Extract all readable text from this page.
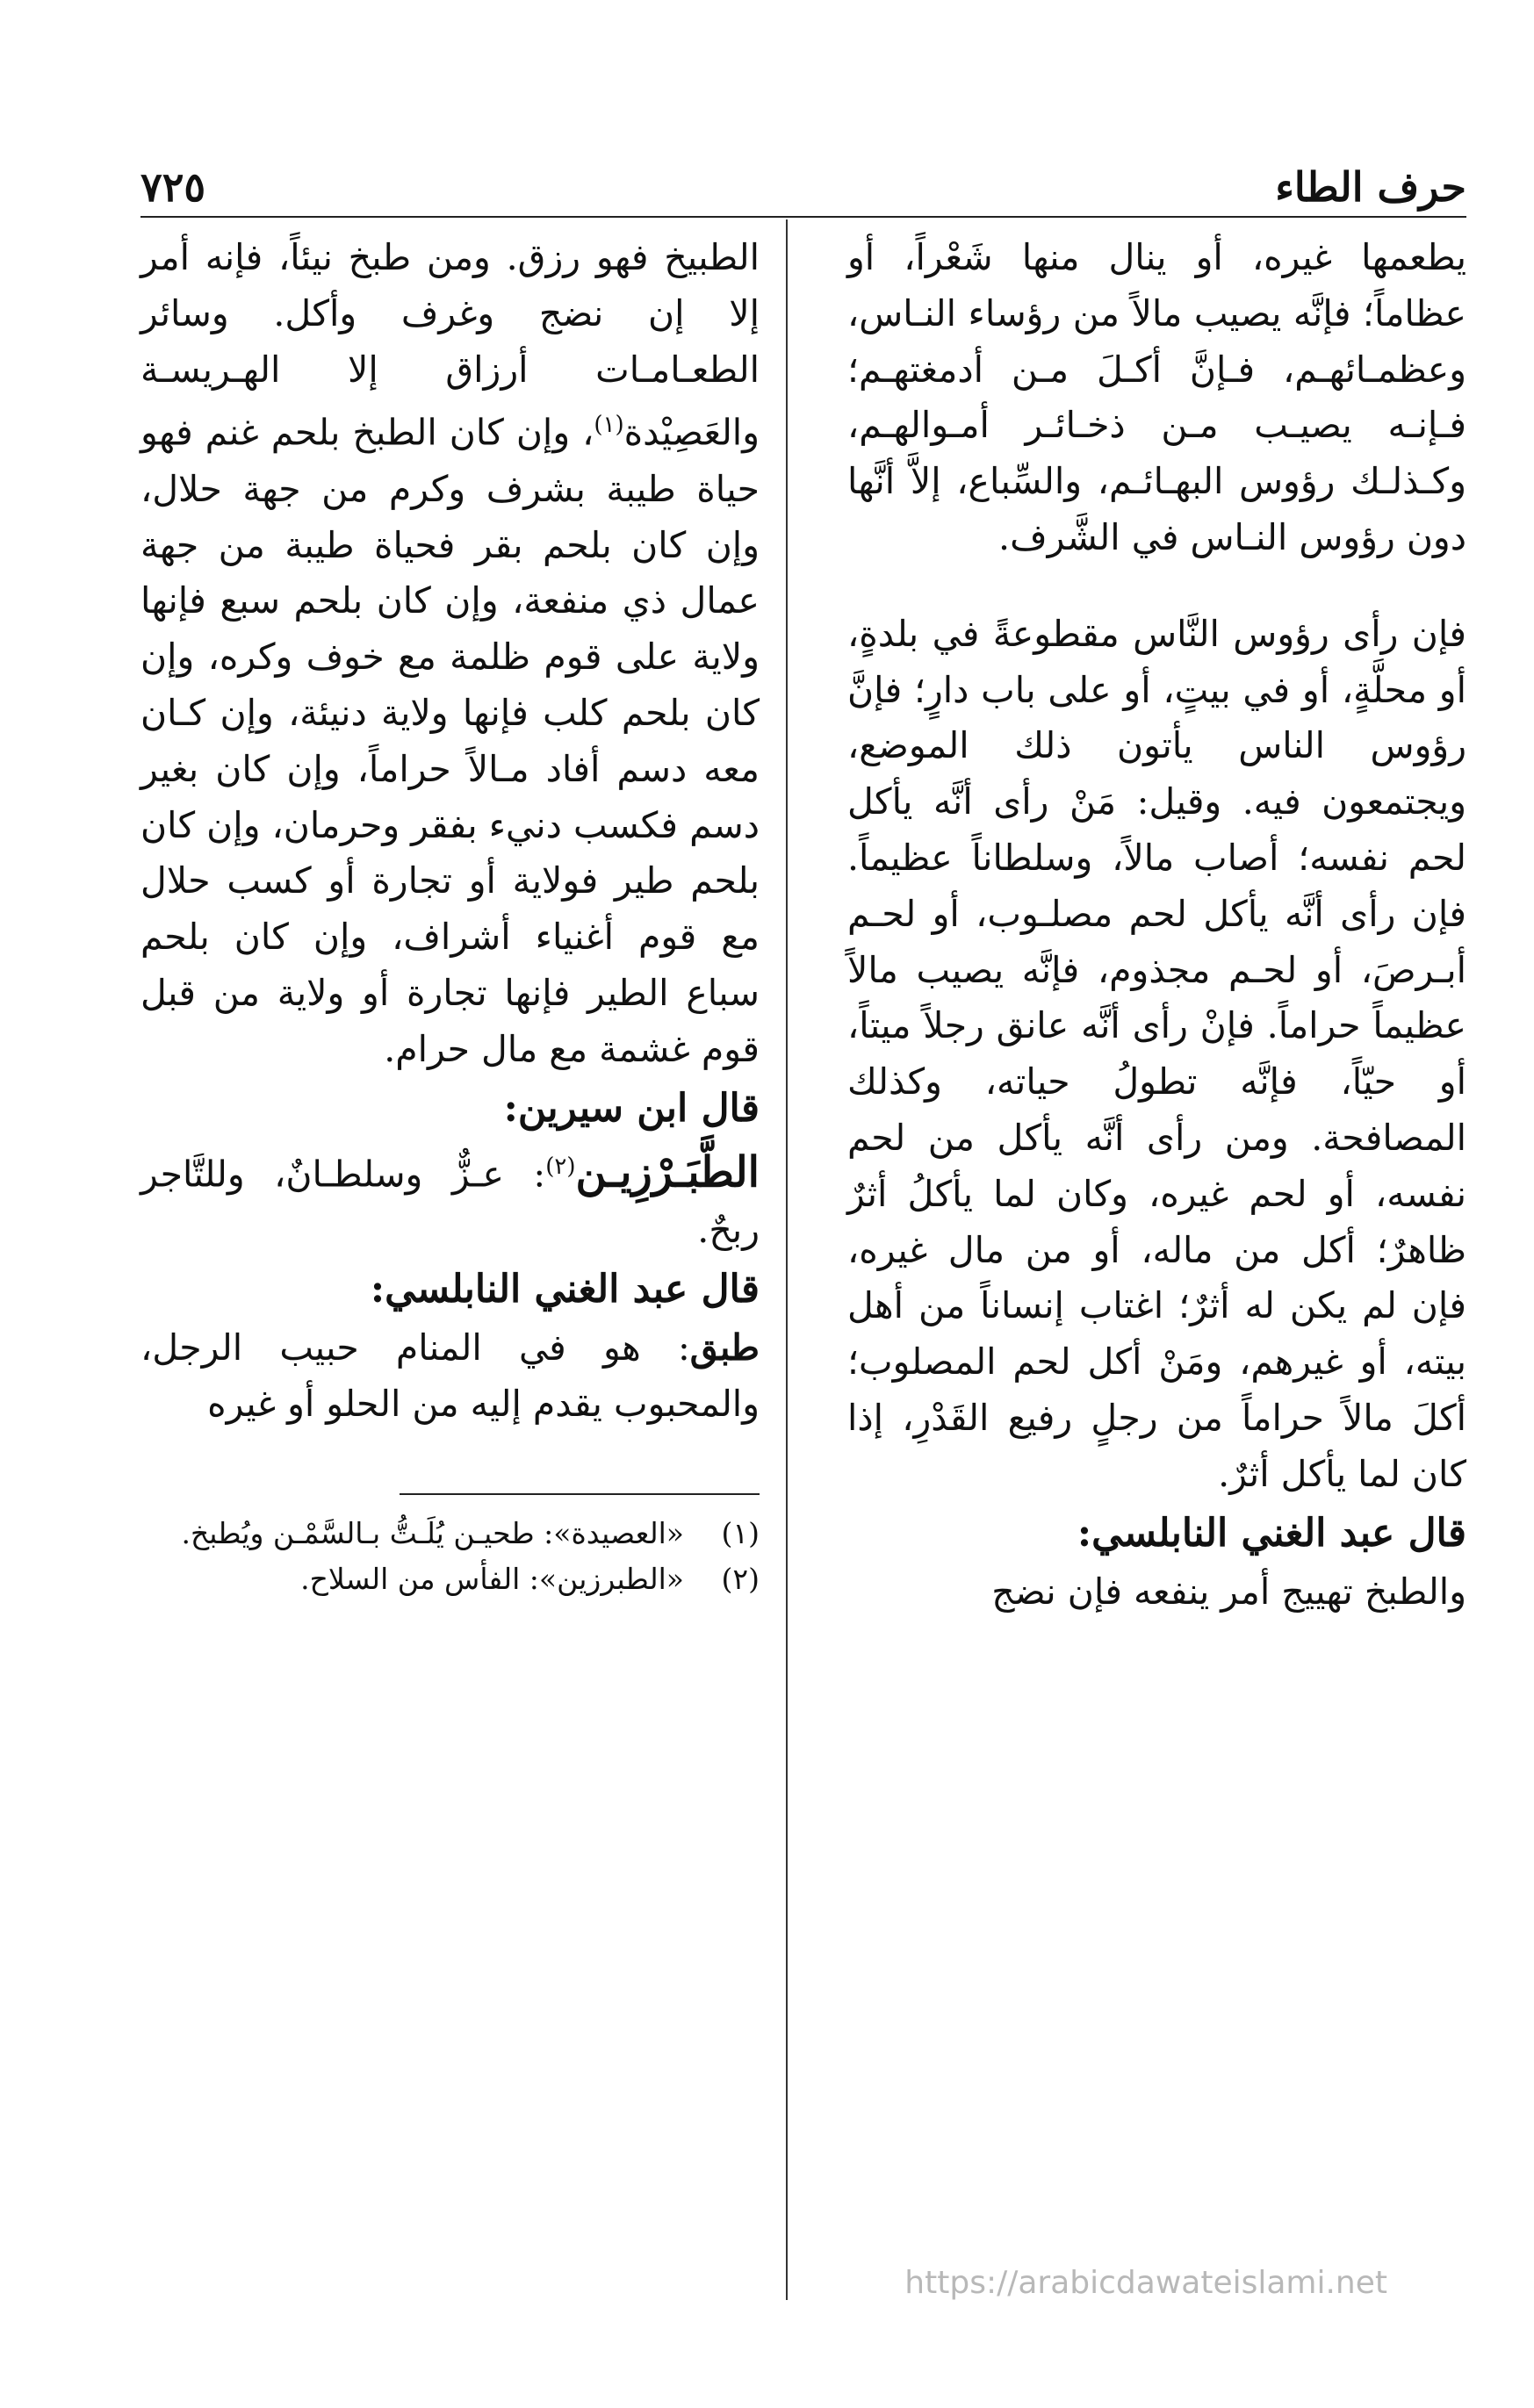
حرف الطاء
٧٢٥

يطعمها غيره، أو ينال منها شَعْراً، أو عظاماً؛ فإنَّه يصيب مالاً من رؤساء النـاس، وعظمـائهـم، فـإنَّ أكـلَ مـن أدمغتهـم؛ فـإنـه يصيـب مـن ذخـائـر أمـوالهـم، وكـذلـك رؤوس البهـائـم، والسِّباع، إلاَّ أنَّها دون رؤوس النـاس في الشَّرف.

فإن رأى رؤوس النَّاس مقطوعةً في بلدةٍ، أو محلَّةٍ، أو في بيتٍ، أو على باب دارٍ؛ فإنَّ رؤوس الناس يأتون ذلك الموضع، ويجتمعون فيه. وقيل: مَنْ رأى أنَّه يأكل لحم نفسه؛ أصاب مالاً، وسلطاناً عظيماً. فإن رأى أنَّه يأكل لحم مصلـوب، أو لحـم أبـرصَ، أو لحـم مجذوم، فإنَّه يصيب مالاً عظيماً حراماً. فإنْ رأى أنَّه عانق رجلاً ميتاً، أو حيّاً، فإنَّه تطولُ حياته، وكذلك المصافحة. ومن رأى أنَّه يأكل من لحم نفسه، أو لحم غيره، وكان لما يأكلُ أثرٌ ظاهرٌ؛ أكل من ماله، أو من مال غيره، فإن لم يكن له أثرٌ؛ اغتاب إنساناً من أهل بيته، أو غيرهم، ومَنْ أكل لحم المصلوب؛ أكلَ مالاً حراماً من رجلٍ رفيع القَدْرِ، إذا كان لما يأكل أثرٌ.

قال عبد الغني النابلسي:

والطبخ تهييج أمر ينفعه فإن نضج

الطبيخ فهو رزق. ومن طبخ نيئاً، فإنه أمر إلا إن نضج وغرف وأكل. وسائر الطعـامـات أرزاق إلا الهـريسـة والعَصِيْدة$^{(١)}$، وإن كان الطبخ بلحم غنم فهو حياة طيبة بشرف وكرم من جهة حلال، وإن كان بلحم بقر فحياة طيبة من جهة عمال ذي منفعة، وإن كان بلحم سبع فإنها ولاية على قوم ظلمة مع خوف وكره، وإن كان بلحم كلب فإنها ولاية دنيئة، وإن كـان معه دسم أفاد مـالاً حراماً، وإن كان بغير دسم فكسب دنيء بفقر وحرمان، وإن كان بلحم طير فولاية أو تجارة أو كسب حلال مع قوم أغنياء أشراف، وإن كان بلحم سباع الطير فإنها تجارة أو ولاية من قبل قوم غشمة مع مال حرام.

قال ابن سيرين:

الطَّبَـرْزِيـن$^{(٢)}$: عـزٌّ وسلطـانٌ، وللتَّاجر ربحٌ.

قال عبد الغني النابلسي:

طبق: هو في المنام حبيب الرجل، والمحبوب يقدم إليه من الحلو أو غيره

(١)
«العصيدة»: طحيـن يُلَـتُّ بـالسَّمْـن ويُطبخ.

(٢)
«الطبرزين»: الفأس من السلاح.

https://arabicdawateislami.net
